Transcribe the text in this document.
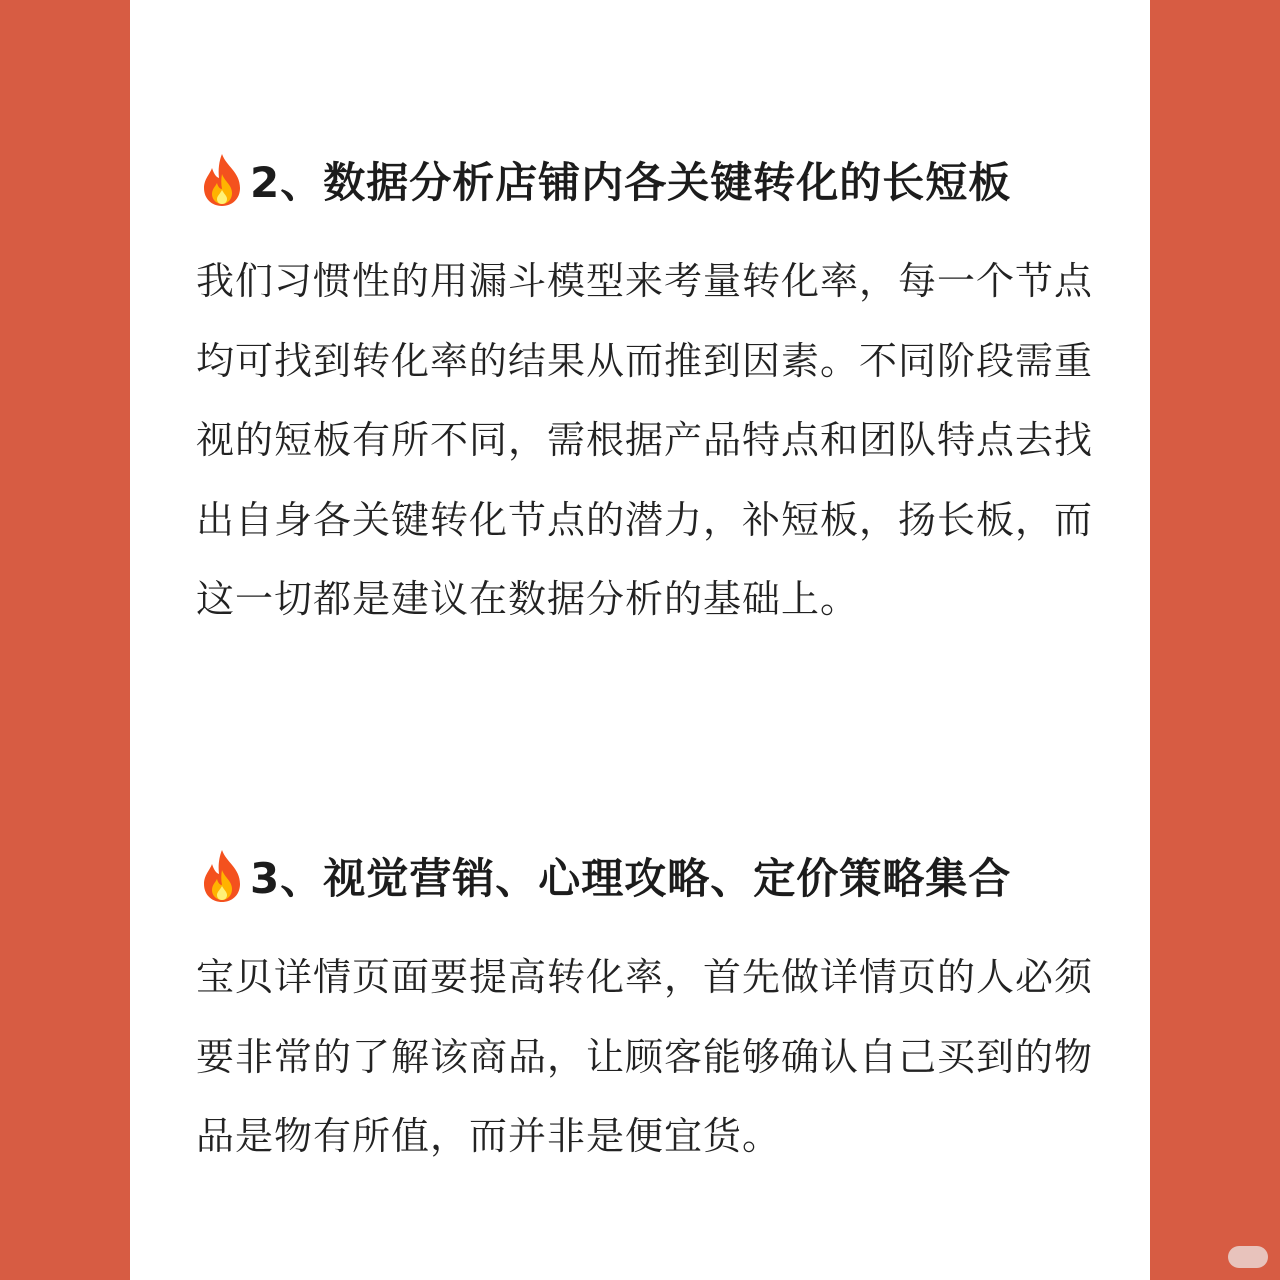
2、数据分析店铺内各关键转化的长短板
我们习惯性的用漏斗模型来考量转化率，每一个节点均可找到转化率的结果从而推到因素。不同阶段需重视的短板有所不同，需根据产品特点和团队特点去找出自身各关键转化节点的潜力，补短板，扬长板，而这一切都是建议在数据分析的基础上。
3、视觉营销、心理攻略、定价策略集合
宝贝详情页面要提高转化率，首先做详情页的人必须要非常的了解该商品，让顾客能够确认自己买到的物品是物有所值，而并非是便宜货。
